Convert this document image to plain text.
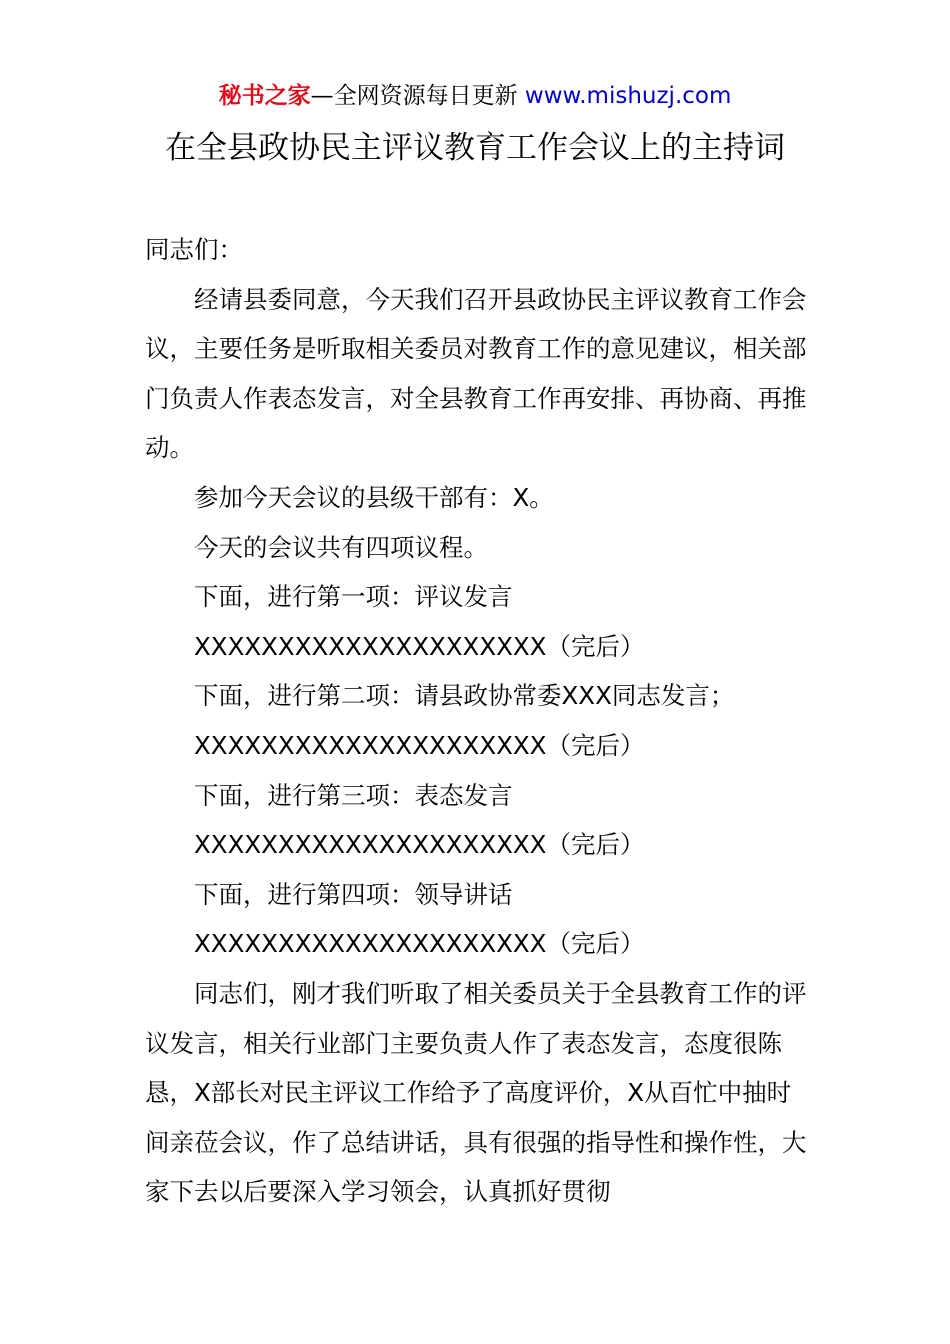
秘书之家—全网资源每日更新 www.mishuzj.com
在全县政协民主评议教育工作会议上的主持词

同志们：

经请县委同意，今天我们召开县政协民主评议教育工作会议，主要任务是听取相关委员对教育工作的意见建议，相关部门负责人作表态发言，对全县教育工作再安排、再协商、再推动。

参加今天会议的县级干部有：X。

今天的会议共有四项议程。

下面，进行第一项：评议发言

XXXXXXXXXXXXXXXXXXXXX（完后）

下面，进行第二项：请县政协常委XXX同志发言；

XXXXXXXXXXXXXXXXXXXXX（完后）

下面，进行第三项：表态发言

XXXXXXXXXXXXXXXXXXXXX（完后）

下面，进行第四项：领导讲话

XXXXXXXXXXXXXXXXXXXXX（完后）

同志们，刚才我们听取了相关委员关于全县教育工作的评议发言，相关行业部门主要负责人作了表态发言，态度很陈恳，X部长对民主评议工作给予了高度评价，X从百忙中抽时间亲莅会议，作了总结讲话，具有很强的指导性和操作性，大家下去以后要深入学习领会，认真抓好贯彻
